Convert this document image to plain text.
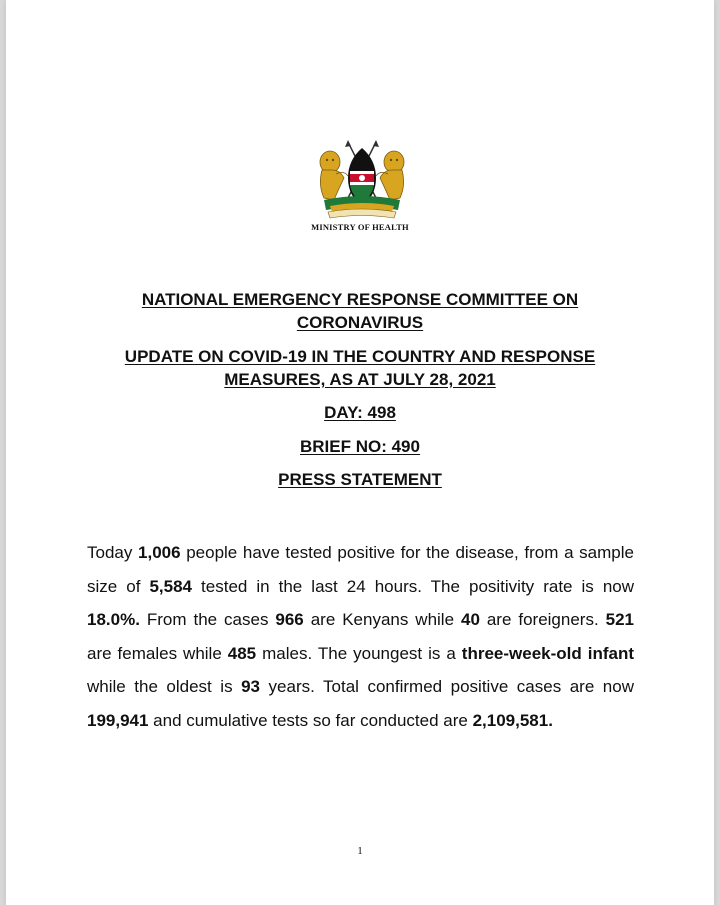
MINISTRY OF HEALTH
NATIONAL EMERGENCY RESPONSE COMMITTEE ON
CORONAVIRUS
UPDATE ON COVID-19 IN THE COUNTRY AND RESPONSE
MEASURES, AS AT JULY 28, 2021
DAY: 498
BRIEF NO: 490
PRESS STATEMENT
Today 1,006 people have tested positive for the disease, from a sample size of 5,584 tested in the last 24 hours. The positivity rate is now 18.0%. From the cases 966 are Kenyans while 40 are foreigners. 521 are females while 485 males. The youngest is a three-week-old infant while the oldest is 93 years. Total confirmed positive cases are now 199,941 and cumulative tests so far conducted are 2,109,581.
1
